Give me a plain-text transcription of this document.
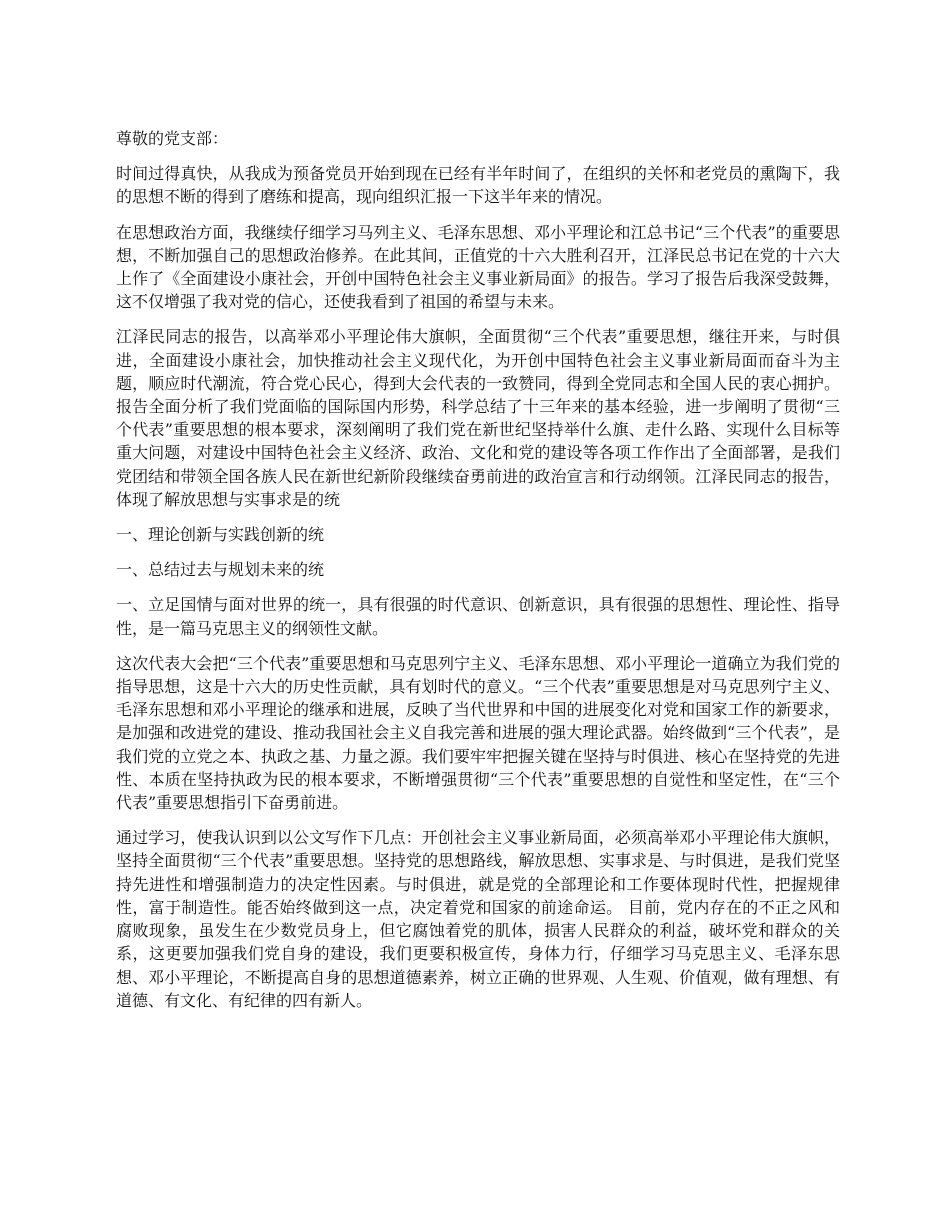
尊敬的党支部：

时间过得真快，从我成为预备党员开始到现在已经有半年时间了，在组织的关怀和老党员的熏陶下，我的思想不断的得到了磨练和提高，现向组织汇报一下这半年来的情况。

在思想政治方面，我继续仔细学习马列主义、毛泽东思想、邓小平理论和江总书记“三个代表”的重要思想，不断加强自己的思想政治修养。在此其间，正值党的十六大胜利召开，江泽民总书记在党的十六大上作了《全面建设小康社会，开创中国特色社会主义事业新局面》的报告。学习了报告后我深受鼓舞，这不仅增强了我对党的信心，还使我看到了祖国的希望与未来。

江泽民同志的报告，以高举邓小平理论伟大旗帜，全面贯彻“三个代表”重要思想，继往开来，与时俱进，全面建设小康社会，加快推动社会主义现代化，为开创中国特色社会主义事业新局面而奋斗为主题，顺应时代潮流，符合党心民心，得到大会代表的一致赞同，得到全党同志和全国人民的衷心拥护。报告全面分析了我们党面临的国际国内形势，科学总结了十三年来的基本经验，进一步阐明了贯彻“三个代表”重要思想的根本要求，深刻阐明了我们党在新世纪坚持举什么旗、走什么路、实现什么目标等重大问题，对建设中国特色社会主义经济、政治、文化和党的建设等各项工作作出了全面部署，是我们党团结和带领全国各族人民在新世纪新阶段继续奋勇前进的政治宣言和行动纲领。江泽民同志的报告，体现了解放思想与实事求是的统

一、理论创新与实践创新的统

一、总结过去与规划未来的统

一、立足国情与面对世界的统一，具有很强的时代意识、创新意识，具有很强的思想性、理论性、指导性，是一篇马克思主义的纲领性文献。

这次代表大会把“三个代表”重要思想和马克思列宁主义、毛泽东思想、邓小平理论一道确立为我们党的指导思想，这是十六大的历史性贡献，具有划时代的意义。“三个代表”重要思想是对马克思列宁主义、毛泽东思想和邓小平理论的继承和进展，反映了当代世界和中国的进展变化对党和国家工作的新要求，是加强和改进党的建设、推动我国社会主义自我完善和进展的强大理论武器。始终做到“三个代表”，是我们党的立党之本、执政之基、力量之源。我们要牢牢把握关键在坚持与时俱进、核心在坚持党的先进性、本质在坚持执政为民的根本要求，不断增强贯彻“三个代表”重要思想的自觉性和坚定性，在“三个代表”重要思想指引下奋勇前进。

通过学习，使我认识到以公文写作下几点：开创社会主义事业新局面，必须高举邓小平理论伟大旗帜，坚持全面贯彻“三个代表”重要思想。坚持党的思想路线，解放思想、实事求是、与时俱进，是我们党坚持先进性和增强制造力的决定性因素。与时俱进，就是党的全部理论和工作要体现时代性，把握规律性，富于制造性。能否始终做到这一点，决定着党和国家的前途命运。 目前，党内存在的不正之风和腐败现象，虽发生在少数党员身上，但它腐蚀着党的肌体，损害人民群众的利益，破坏党和群众的关系，这更要加强我们党自身的建设，我们更要积极宣传，身体力行，仔细学习马克思主义、毛泽东思想、邓小平理论，不断提高自身的思想道德素养，树立正确的世界观、人生观、价值观，做有理想、有道德、有文化、有纪律的四有新人。
